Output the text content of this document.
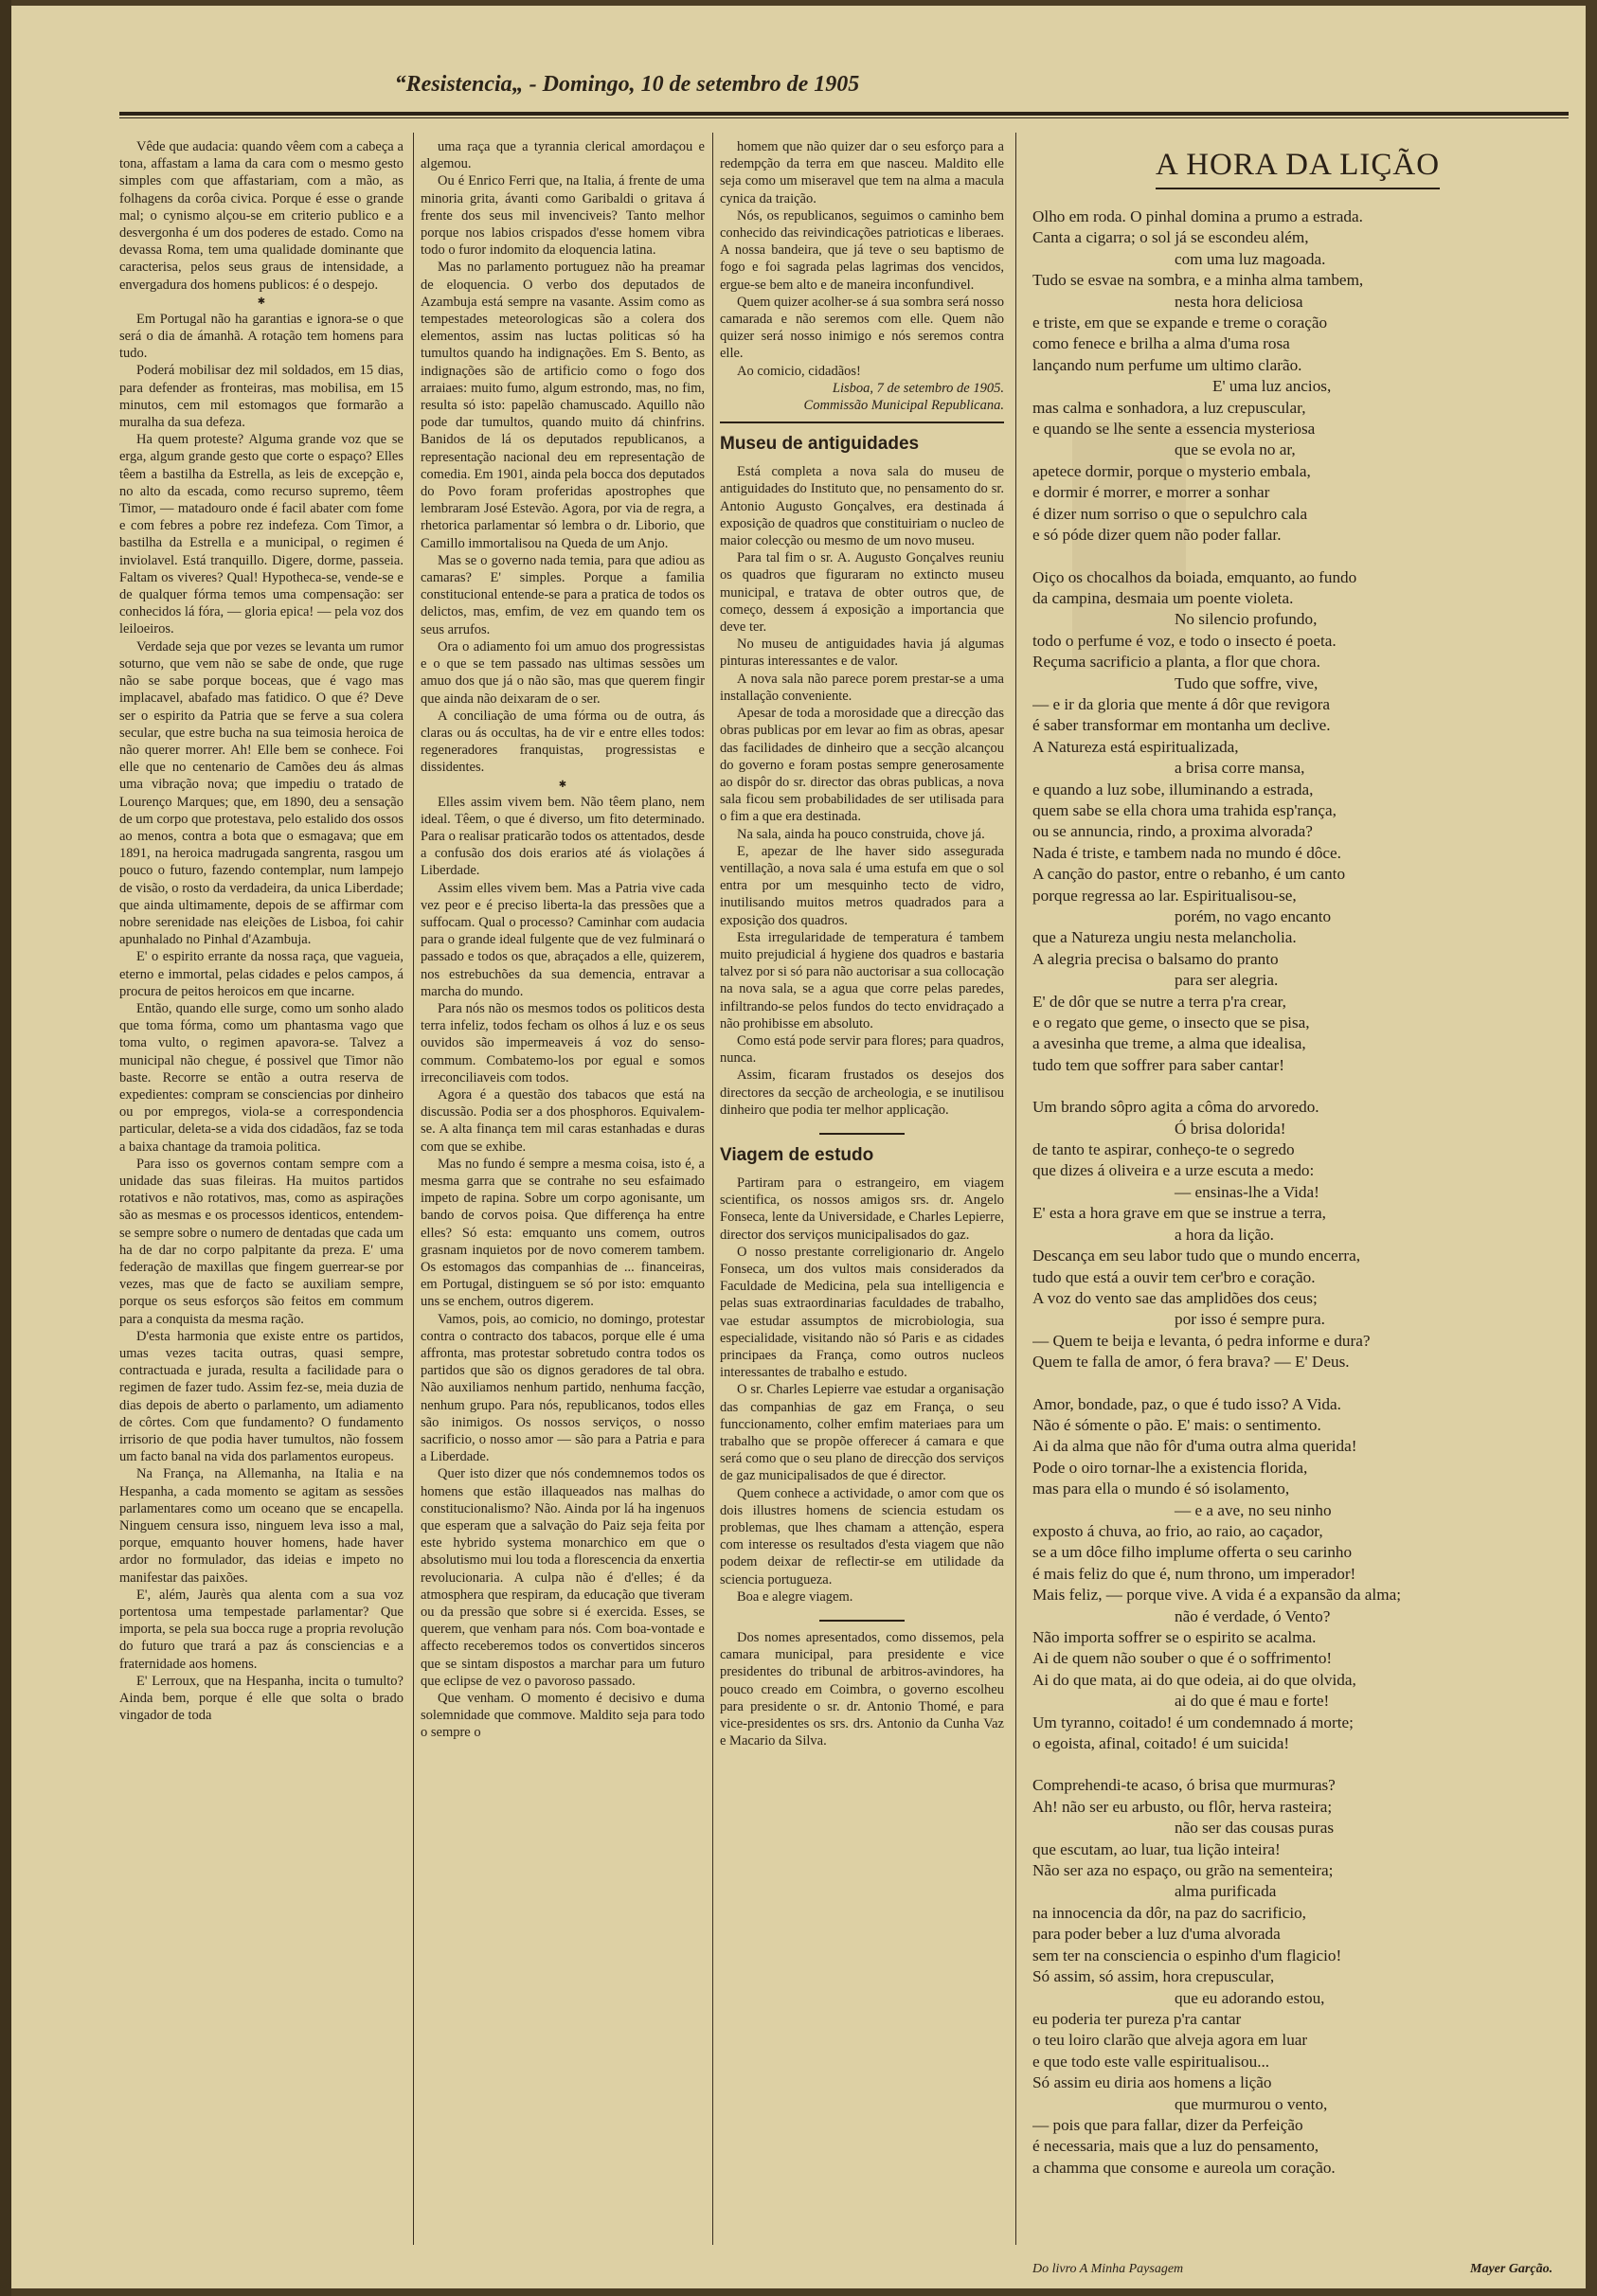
“Resistencia„ - Domingo, 10 de setembro de 1905

Vêde que audacia: quando vêem com a cabeça a tona, affastam a lama da cara com o mesmo gesto simples com que affastariam, com a mão, as folhagens da corôa civica. Porque é esse o grande mal; o cynismo alçou-se em criterio publico e a desvergonha é um dos poderes de estado. Como na devassa Roma, tem uma qualidade dominante que caracterisa, pelos seus graus de intensidade, a envergadura dos homens publicos: é o despejo.

✱

Em Portugal não ha garantias e ignora-se o que será o dia de ámanhã. A rotação tem homens para tudo.

Poderá mobilisar dez mil soldados, em 15 dias, para defender as fronteiras, mas mobilisa, em 15 minutos, cem mil estomagos que formarão a muralha da sua defeza.

Ha quem proteste? Alguma grande voz que se erga, algum grande gesto que corte o espaço? Elles têem a bastilha da Estrella, as leis de excepção e, no alto da escada, como recurso supremo, têem Timor, — matadouro onde é facil abater com fome e com febres a pobre rez indefeza. Com Timor, a bastilha da Estrella e a municipal, o regimen é inviolavel. Está tranquillo. Digere, dorme, passeia. Faltam os viveres? Qual! Hypotheca-se, vende-se e de qualquer fórma temos uma compensação: ser conhecidos lá fóra, — gloria epica! — pela voz dos leiloeiros.

Verdade seja que por vezes se levanta um rumor soturno, que vem não se sabe de onde, que ruge não se sabe porque boceas, que é vago mas implacavel, abafado mas fatidico. O que é? Deve ser o espirito da Patria que se ferve a sua colera secular, que estre bucha na sua teimosia heroica de não querer morrer. Ah! Elle bem se conhece. Foi elle que no centenario de Camões deu ás almas uma vibração nova; que impediu o tratado de Lourenço Marques; que, em 1890, deu a sensação de um corpo que protestava, pelo estalido dos ossos ao menos, contra a bota que o esmagava; que em 1891, na heroica madrugada sangrenta, rasgou um pouco o futuro, fazendo contemplar, num lampejo de visão, o rosto da verdadeira, da unica Liberdade; que ainda ultimamente, depois de se affirmar com nobre serenidade nas eleições de Lisboa, foi cahir apunhalado no Pinhal d'Azambuja.

E' o espirito errante da nossa raça, que vagueia, eterno e immortal, pelas cidades e pelos campos, á procura de peitos heroicos em que incarne.

Então, quando elle surge, como um sonho alado que toma fórma, como um phantasma vago que toma vulto, o regimen apavora-se. Talvez a municipal não chegue, é possivel que Timor não baste. Recorre se então a outra reserva de expedientes: compram se consciencias por dinheiro ou por empregos, viola-se a correspondencia particular, deleta-se a vida dos cidadãos, faz se toda a baixa chantage da tramoia politica.

Para isso os governos contam sempre com a unidade das suas fileiras. Ha muitos partidos rotativos e não rotativos, mas, como as aspirações são as mesmas e os processos identicos, entendem-se sempre sobre o numero de dentadas que cada um ha de dar no corpo palpitante da preza. E' uma federação de maxillas que fingem guerrear-se por vezes, mas que de facto se auxiliam sempre, porque os seus esforços são feitos em commum para a conquista da mesma ração.

D'esta harmonia que existe entre os partidos, umas vezes tacita outras, quasi sempre, contractuada e jurada, resulta a facilidade para o regimen de fazer tudo. Assim fez-se, meia duzia de dias depois de aberto o parlamento, um adiamento de côrtes. Com que fundamento? O fundamento irrisorio de que podia haver tumultos, não fossem um facto banal na vida dos parlamentos europeus.

Na França, na Allemanha, na Italia e na Hespanha, a cada momento se agitam as sessões parlamentares como um oceano que se encapella. Ninguem censura isso, ninguem leva isso a mal, porque, emquanto houver homens, hade haver ardor no formulador, das ideias e impeto no manifestar das paixões.

E', além, Jaurès qua alenta com a sua voz portentosa uma tempestade parlamentar? Que importa, se pela sua bocca ruge a propria revolução do futuro que trará a paz ás consciencias e a fraternidade aos homens.

E' Lerroux, que na Hespanha, incita o tumulto? Ainda bem, porque é elle que solta o brado vingador de toda

uma raça que a tyrannia clerical amordaçou e algemou.

Ou é Enrico Ferri que, na Italia, á frente de uma minoria grita, ávanti como Garibaldi o gritava á frente dos seus mil invenciveis? Tanto melhor porque nos labios crispados d'esse homem vibra todo o furor indomito da eloquencia latina.

Mas no parlamento portuguez não ha preamar de eloquencia. O verbo dos deputados de Azambuja está sempre na vasante. Assim como as tempestades meteorologicas são a colera dos elementos, assim nas luctas politicas só ha tumultos quando ha indignações. Em S. Bento, as indignações são de artificio como o fogo dos arraiaes: muito fumo, algum estrondo, mas, no fim, resulta só isto: papelão chamuscado. Aquillo não pode dar tumultos, quando muito dá chinfrins. Banidos de lá os deputados republicanos, a representação nacional deu em representação de comedia. Em 1901, ainda pela bocca dos deputados do Povo foram proferidas apostrophes que lembraram José Estevão. Agora, por via de regra, a rhetorica parlamentar só lembra o dr. Liborio, que Camillo immortalisou na Queda de um Anjo.

Mas se o governo nada temia, para que adiou as camaras? E' simples. Porque a familia constitucional entende-se para a pratica de todos os delictos, mas, emfim, de vez em quando tem os seus arrufos.

Ora o adiamento foi um amuo dos progressistas e o que se tem passado nas ultimas sessões um amuo dos que já o não são, mas que querem fingir que ainda não deixaram de o ser.

A conciliação de uma fórma ou de outra, ás claras ou ás occultas, ha de vir e entre elles todos: regeneradores franquistas, progressistas e dissidentes.

✱

Elles assim vivem bem. Não têem plano, nem ideal. Têem, o que é diverso, um fito determinado. Para o realisar praticarão todos os attentados, desde a confusão dos dois erarios até ás violações á Liberdade.

Assim elles vivem bem. Mas a Patria vive cada vez peor e é preciso liberta-la das pressões que a suffocam. Qual o processo? Caminhar com audacia para o grande ideal fulgente que de vez fulminará o passado e todos os que, abraçados a elle, quizerem, nos estrebuchões da sua demencia, entravar a marcha do mundo.

Para nós não os mesmos todos os politicos desta terra infeliz, todos fecham os olhos á luz e os seus ouvidos são impermeaveis á voz do senso-commum. Combatemo-los por egual e somos irreconciliaveis com todos.

Agora é a questão dos tabacos que está na discussão. Podia ser a dos phosphoros. Equivalem-se. A alta finança tem mil caras estanhadas e duras com que se exhibe.

Mas no fundo é sempre a mesma coisa, isto é, a mesma garra que se contrahe no seu esfaimado impeto de rapina. Sobre um corpo agonisante, um bando de corvos poisa. Que differença ha entre elles? Só esta: emquanto uns comem, outros grasnam inquietos por de novo comerem tambem. Os estomagos das companhias de ... financeiras, em Portugal, distinguem se só por isto: emquanto uns se enchem, outros digerem.

Vamos, pois, ao comicio, no domingo, protestar contra o contracto dos tabacos, porque elle é uma affronta, mas protestar sobretudo contra todos os partidos que são os dignos geradores de tal obra. Não auxiliamos nenhum partido, nenhuma facção, nenhum grupo. Para nós, republicanos, todos elles são inimigos. Os nossos serviços, o nosso sacrificio, o nosso amor — são para a Patria e para a Liberdade.

Quer isto dizer que nós condemnemos todos os homens que estão illaqueados nas malhas do constitucionalismo? Não. Ainda por lá ha ingenuos que esperam que a salvação do Paiz seja feita por este hybrido systema monarchico em que o absolutismo mui lou toda a florescencia da enxertia revolucionaria. A culpa não é d'elles; é da atmosphera que respiram, da educação que tiveram ou da pressão que sobre si é exercida. Esses, se querem, que venham para nós. Com boa-vontade e affecto receberemos todos os convertidos sinceros que se sintam dispostos a marchar para um futuro que eclipse de vez o pavoroso passado.

Que venham. O momento é decisivo e duma solemnidade que commove. Maldito seja para todo o sempre o

homem que não quizer dar o seu esforço para a redempção da terra em que nasceu. Maldito elle seja como um miseravel que tem na alma a macula cynica da traição.

Nós, os republicanos, seguimos o caminho bem conhecido das reivindicações patrioticas e liberaes. A nossa bandeira, que já teve o seu baptismo de fogo e foi sagrada pelas lagrimas dos vencidos, ergue-se bem alto e de maneira inconfundivel.

Quem quizer acolher-se á sua sombra será nosso camarada e não seremos com elle. Quem não quizer será nosso inimigo e nós seremos contra elle.

Ao comicio, cidadãos!

Lisboa, 7 de setembro de 1905.

Commissão Municipal Republicana.

Museu de antiguidades

Está completa a nova sala do museu de antiguidades do Instituto que, no pensamento do sr. Antonio Augusto Gonçalves, era destinada á exposição de quadros que constituiriam o nucleo de maior colecção ou mesmo de um novo museu.

Para tal fim o sr. A. Augusto Gonçalves reuniu os quadros que figuraram no extincto museu municipal, e tratava de obter outros que, de começo, dessem á exposição a importancia que deve ter.

No museu de antiguidades havia já algumas pinturas interessantes e de valor.

A nova sala não parece porem prestar-se a uma installação conveniente.

Apesar de toda a morosidade que a direcção das obras publicas por em levar ao fim as obras, apesar das facilidades de dinheiro que a secção alcançou do governo e foram postas sempre generosamente ao dispôr do sr. director das obras publicas, a nova sala ficou sem probabilidades de ser utilisada para o fim a que era destinada.

Na sala, ainda ha pouco construida, chove já.

E, apezar de lhe haver sido assegurada ventillação, a nova sala é uma estufa em que o sol entra por um mesquinho tecto de vidro, inutilisando muitos metros quadrados para a exposição dos quadros.

Esta irregularidade de temperatura é tambem muito prejudicial á hygiene dos quadros e bastaria talvez por si só para não auctorisar a sua collocação na nova sala, se a agua que corre pelas paredes, infiltrando-se pelos fundos do tecto envidraçado a não prohibisse em absoluto.

Como está pode servir para flores; para quadros, nunca.

Assim, ficaram frustados os desejos dos directores da secção de archeologia, e se inutilisou dinheiro que podia ter melhor applicação.

Viagem de estudo

Partiram para o estrangeiro, em viagem scientifica, os nossos amigos srs. dr. Angelo Fonseca, lente da Universidade, e Charles Lepierre, director dos serviços municipalisados do gaz.

O nosso prestante correligionario dr. Angelo Fonseca, um dos vultos mais considerados da Faculdade de Medicina, pela sua intelligencia e pelas suas extraordinarias faculdades de trabalho, vae estudar assumptos de microbiologia, sua especialidade, visitando não só Paris e as cidades principaes da França, como outros nucleos interessantes de trabalho e estudo.

O sr. Charles Lepierre vae estudar a organisação das companhias de gaz em França, o seu funccionamento, colher emfim materiaes para um trabalho que se propõe offerecer á camara e que será como que o seu plano de direcção dos serviços de gaz municipalisados de que é director.

Quem conhece a actividade, o amor com que os dois illustres homens de sciencia estudam os problemas, que lhes chamam a attenção, espera com interesse os resultados d'esta viagem que não podem deixar de reflectir-se em utilidade da sciencia portugueza.

Boa e alegre viagem.

Dos nomes apresentados, como dissemos, pela camara municipal, para presidente e vice presidentes do tribunal de arbitros-avindores, ha pouco creado em Coimbra, o governo escolheu para presidente o sr. dr. Antonio Thomé, e para vice-presidentes os srs. drs. Antonio da Cunha Vaz e Macario da Silva.

A HORA DA LIÇÃO
Olho em roda. O pinhal domina a prumo a estrada.
Canta a cigarra; o sol já se escondeu além,
com uma luz magoada.
Tudo se esvae na sombra, e a minha alma tambem,
nesta hora deliciosa
e triste, em que se expande e treme o coração
como fenece e brilha a alma d'uma rosa
lançando num perfume um ultimo clarão.
E' uma luz ancios,
mas calma e sonhadora, a luz crepuscular,
e quando se lhe sente a essencia mysteriosa
que se evola no ar,
apetece dormir, porque o mysterio embala,
e dormir é morrer, e morrer a sonhar
é dizer num sorriso o que o sepulchro cala
e só póde dizer quem não poder fallar.
Oiço os chocalhos da boiada, emquanto, ao fundo
da campina, desmaia um poente violeta.
No silencio profundo,
todo o perfume é voz, e todo o insecto é poeta.
Reçuma sacrificio a planta, a flor que chora.
Tudo que soffre, vive,
— e ir da gloria que mente á dôr que revigora
é saber transformar em montanha um declive.
A Natureza está espiritualizada,
a brisa corre mansa,
e quando a luz sobe, illuminando a estrada,
quem sabe se ella chora uma trahida esp'rança,
ou se annuncia, rindo, a proxima alvorada?
Nada é triste, e tambem nada no mundo é dôce.
A canção do pastor, entre o rebanho, é um canto
porque regressa ao lar. Espiritualisou-se,
porém, no vago encanto
que a Natureza ungiu nesta melancholia.
A alegria precisa o balsamo do pranto
para ser alegria.
E' de dôr que se nutre a terra p'ra crear,
e o regato que geme, o insecto que se pisa,
a avesinha que treme, a alma que idealisa,
tudo tem que soffrer para saber cantar!
Um brando sôpro agita a côma do arvoredo.
Ó brisa dolorida!
de tanto te aspirar, conheço-te o segredo
que dizes á oliveira e a urze escuta a medo:
— ensinas-lhe a Vida!
E' esta a hora grave em que se instrue a terra,
a hora da lição.
Descança em seu labor tudo que o mundo encerra,
tudo que está a ouvir tem cer'bro e coração.
A voz do vento sae das amplidões dos ceus;
por isso é sempre pura.
— Quem te beija e levanta, ó pedra informe e dura?
Quem te falla de amor, ó fera brava? — E' Deus.
Amor, bondade, paz, o que é tudo isso? A Vida.
Não é sómente o pão. E' mais: o sentimento.
Ai da alma que não fôr d'uma outra alma querida!
Pode o oiro tornar-lhe a existencia florida,
mas para ella o mundo é só isolamento,
— e a ave, no seu ninho
exposto á chuva, ao frio, ao raio, ao caçador,
se a um dôce filho implume offerta o seu carinho
é mais feliz do que é, num throno, um imperador!
Mais feliz, — porque vive. A vida é a expansão da alma;
não é verdade, ó Vento?
Não importa soffrer se o espirito se acalma.
Ai de quem não souber o que é o soffrimento!
Ai do que mata, ai do que odeia, ai do que olvida,
ai do que é mau e forte!
Um tyranno, coitado! é um condemnado á morte;
o egoista, afinal, coitado! é um suicida!
Comprehendi-te acaso, ó brisa que murmuras?
Ah! não ser eu arbusto, ou flôr, herva rasteira;
não ser das cousas puras
que escutam, ao luar, tua lição inteira!
Não ser aza no espaço, ou grão na sementeira;
alma purificada
na innocencia da dôr, na paz do sacrificio,
para poder beber a luz d'uma alvorada
sem ter na consciencia o espinho d'um flagicio!
Só assim, só assim, hora crepuscular,
que eu adorando estou,
eu poderia ter pureza p'ra cantar
o teu loiro clarão que alveja agora em luar
e que todo este valle espiritualisou...
Só assim eu diria aos homens a lição
que murmurou o vento,
— pois que para fallar, dizer da Perfeição
é necessaria, mais que a luz do pensamento,
a chamma que consome e aureola um coração.
Do livro A Minha Paysagem	Mayer Garção.
